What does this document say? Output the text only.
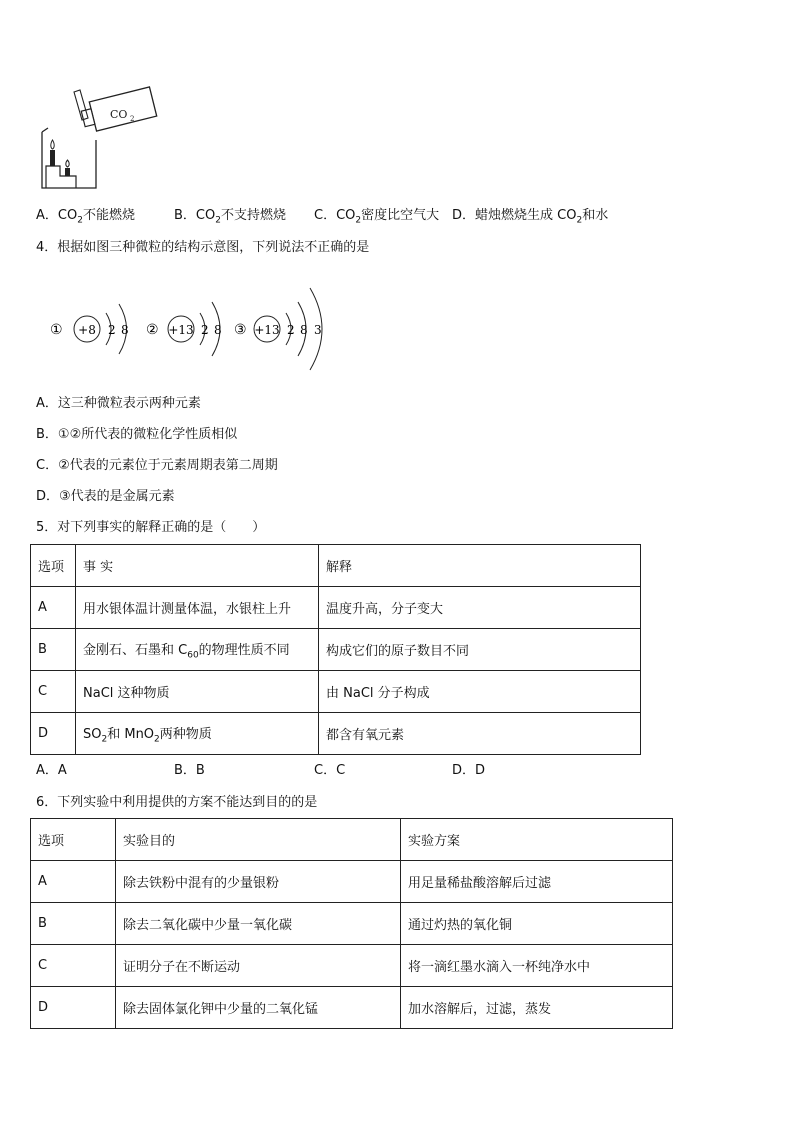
CO 2
A．$CO_2$不能燃烧	B．$CO_2$不支持燃烧 C．$CO_2$密度比空气大 D．蜡烛燃烧生成 $CO_2$和水
4．根据如图三种微粒的结构示意图，下列说法不正确的是
① +8 2 8 ② +13 2 8 ③ +13 2 8 3
A．这三种微粒表示两种元素
B．①②所代表的微粒化学性质相似
C．②代表的元素位于元素周期表第二周期
D．③代表的是金属元素
5．对下列事实的解释正确的是（　　）
选项	事 实	解释
A	用水银体温计测量体温，水银柱上升	温度升高，分子变大
B	金刚石、石墨和 $C_{60}$的物理性质不同	构成它们的原子数目不同
C	NaCl 这种物质	由 NaCl 分子构成
D	$SO_2$和 MnO$_2$两种物质	都含有氧元素
A．A	B．B	C．C	D．D
6．下列实验中利用提供的方案不能达到目的的是
选项	实验目的	实验方案
A	除去铁粉中混有的少量银粉	用足量稀盐酸溶解后过滤
B	除去二氧化碳中少量一氧化碳	通过灼热的氧化铜
C	证明分子在不断运动	将一滴红墨水滴入一杯纯净水中
D	除去固体氯化钾中少量的二氧化锰	加水溶解后，过滤，蒸发
